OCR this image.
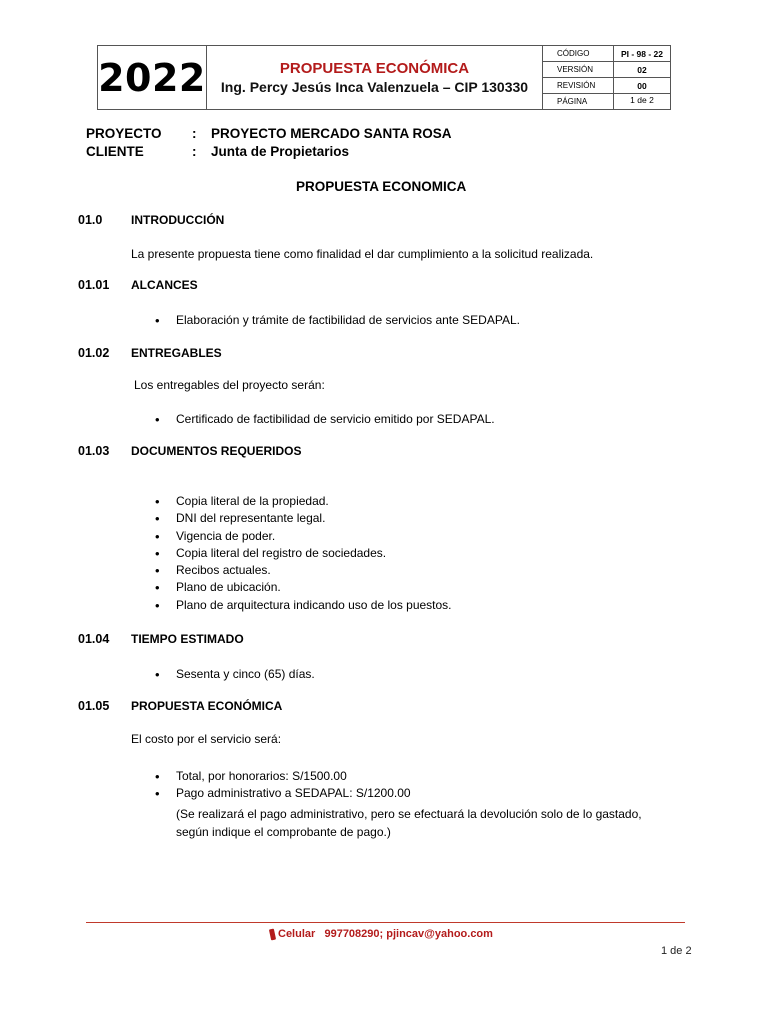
2022	PROPUESTA ECONÓMICA
Ing. Percy Jesús Inca Valenzuela – CIP 130330
CÓDIGO	PI - 98 - 22
VERSIÓN	02
REVISIÓN	00
PÁGINA	1 de 2
PROYECTO : PROYECTO MERCADO SANTA ROSA
CLIENTE	: Junta de Propietarios
PROPUESTA ECONOMICA
01.0 INTRODUCCIÓN
La presente propuesta tiene como finalidad el dar cumplimiento a la solicitud realizada.
01.01 ALCANCES
• Elaboración y trámite de factibilidad de servicios ante SEDAPAL.
01.02 ENTREGABLES
Los entregables del proyecto serán:
• Certificado de factibilidad de servicio emitido por SEDAPAL.
01.03 DOCUMENTOS REQUERIDOS
• Copia literal de la propiedad.
• DNI del representante legal.
• Vigencia de poder.
• Copia literal del registro de sociedades.
• Recibos actuales.
• Plano de ubicación.
• Plano de arquitectura indicando uso de los puestos.
01.04 TIEMPO ESTIMADO
• Sesenta y cinco (65) días.
01.05 PROPUESTA ECONÓMICA
El costo por el servicio será:
• Total, por honorarios: S/1500.00
• Pago administrativo a SEDAPAL: S/1200.00
(Se realizará el pago administrativo, pero se efectuará la devolución solo de lo gastado, según indique el comprobante de pago.)
Celular   997708290; pjincav@yahoo.com
1 de 2
